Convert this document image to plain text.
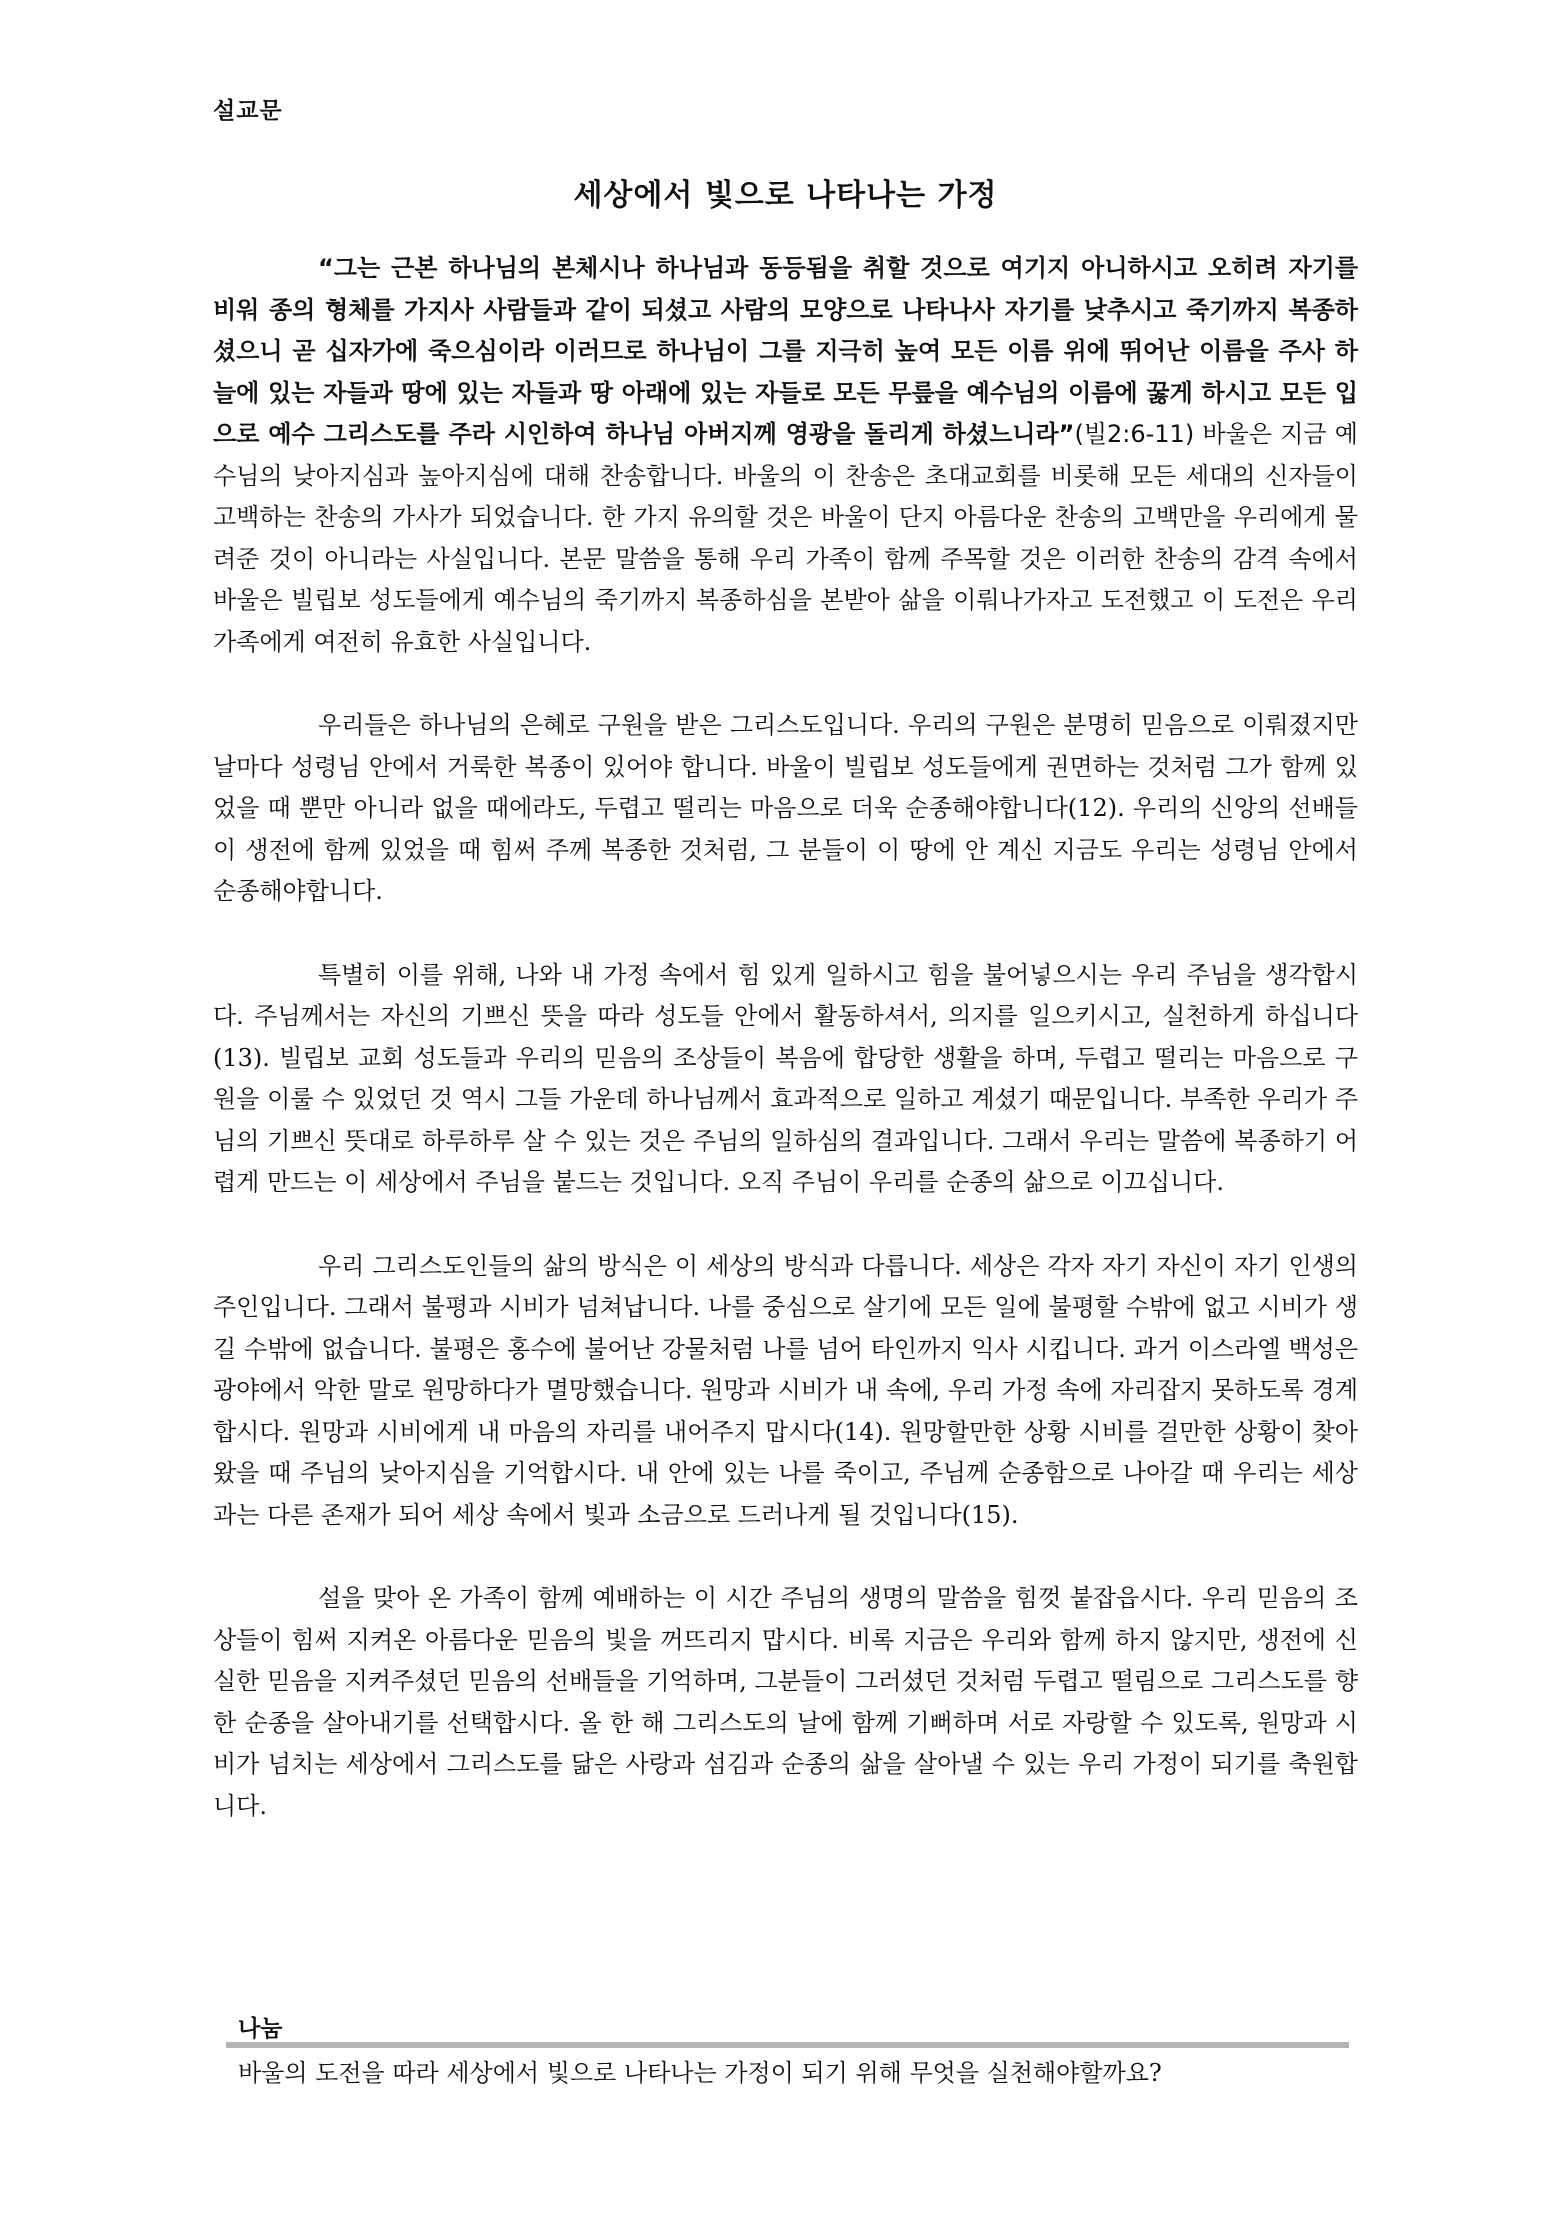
설교문
세상에서 빛으로 나타나는 가정

“그는 근본 하나님의 본체시나 하나님과 동등됨을 취할 것으로 여기지 아니하시고 오히려 자기를 비워 종의 형체를 가지사 사람들과 같이 되셨고 사람의 모양으로 나타나사 자기를 낮추시고 죽기까지 복종하셨으니 곧 십자가에 죽으심이라 이러므로 하나님이 그를 지극히 높여 모든 이름 위에 뛰어난 이름을 주사 하늘에 있는 자들과 땅에 있는 자들과 땅 아래에 있는 자들로 모든 무릎을 예수님의 이름에 꿇게 하시고 모든 입으로 예수 그리스도를 주라 시인하여 하나님 아버지께 영광을 돌리게 하셨느니라”(빌2:6-11) 바울은 지금 예수님의 낮아지심과 높아지심에 대해 찬송합니다. 바울의 이 찬송은 초대교회를 비롯해 모든 세대의 신자들이 고백하는 찬송의 가사가 되었습니다. 한 가지 유의할 것은 바울이 단지 아름다운 찬송의 고백만을 우리에게 물려준 것이 아니라는 사실입니다. 본문 말씀을 통해 우리 가족이 함께 주목할 것은 이러한 찬송의 감격 속에서 바울은 빌립보 성도들에게 예수님의 죽기까지 복종하심을 본받아 삶을 이뤄나가자고 도전했고 이 도전은 우리 가족에게 여전히 유효한 사실입니다.

우리들은 하나님의 은혜로 구원을 받은 그리스도입니다. 우리의 구원은 분명히 믿음으로 이뤄졌지만 날마다 성령님 안에서 거룩한 복종이 있어야 합니다. 바울이 빌립보 성도들에게 권면하는 것처럼 그가 함께 있었을 때 뿐만 아니라 없을 때에라도, 두렵고 떨리는 마음으로 더욱 순종해야합니다(12). 우리의 신앙의 선배들이 생전에 함께 있었을 때 힘써 주께 복종한 것처럼, 그 분들이 이 땅에 안 계신 지금도 우리는 성령님 안에서 순종해야합니다.

특별히 이를 위해, 나와 내 가정 속에서 힘 있게 일하시고 힘을 불어넣으시는 우리 주님을 생각합시다. 주님께서는 자신의 기쁘신 뜻을 따라 성도들 안에서 활동하셔서, 의지를 일으키시고, 실천하게 하십니다(13). 빌립보 교회 성도들과 우리의 믿음의 조상들이 복음에 합당한 생활을 하며, 두렵고 떨리는 마음으로 구원을 이룰 수 있었던 것 역시 그들 가운데 하나님께서 효과적으로 일하고 계셨기 때문입니다. 부족한 우리가 주님의 기쁘신 뜻대로 하루하루 살 수 있는 것은 주님의 일하심의 결과입니다. 그래서 우리는 말씀에 복종하기 어렵게 만드는 이 세상에서 주님을 붙드는 것입니다. 오직 주님이 우리를 순종의 삶으로 이끄십니다.

우리 그리스도인들의 삶의 방식은 이 세상의 방식과 다릅니다. 세상은 각자 자기 자신이 자기 인생의 주인입니다. 그래서 불평과 시비가 넘쳐납니다. 나를 중심으로 살기에 모든 일에 불평할 수밖에 없고 시비가 생길 수밖에 없습니다. 불평은 홍수에 불어난 강물처럼 나를 넘어 타인까지 익사 시킵니다. 과거 이스라엘 백성은 광야에서 악한 말로 원망하다가 멸망했습니다. 원망과 시비가 내 속에, 우리 가정 속에 자리잡지 못하도록 경계합시다. 원망과 시비에게 내 마음의 자리를 내어주지 맙시다(14). 원망할만한 상황 시비를 걸만한 상황이 찾아왔을 때 주님의 낮아지심을 기억합시다. 내 안에 있는 나를 죽이고, 주님께 순종함으로 나아갈 때 우리는 세상과는 다른 존재가 되어 세상 속에서 빛과 소금으로 드러나게 될 것입니다(15).

설을 맞아 온 가족이 함께 예배하는 이 시간 주님의 생명의 말씀을 힘껏 붙잡읍시다. 우리 믿음의 조상들이 힘써 지켜온 아름다운 믿음의 빛을 꺼뜨리지 맙시다. 비록 지금은 우리와 함께 하지 않지만, 생전에 신실한 믿음을 지켜주셨던 믿음의 선배들을 기억하며, 그분들이 그러셨던 것처럼 두렵고 떨림으로 그리스도를 향한 순종을 살아내기를 선택합시다. 올 한 해 그리스도의 날에 함께 기뻐하며 서로 자랑할 수 있도록, 원망과 시비가 넘치는 세상에서 그리스도를 닮은 사랑과 섬김과 순종의 삶을 살아낼 수 있는 우리 가정이 되기를 축원합니다.

나눔
바울의 도전을 따라 세상에서 빛으로 나타나는 가정이 되기 위해 무엇을 실천해야할까요?
